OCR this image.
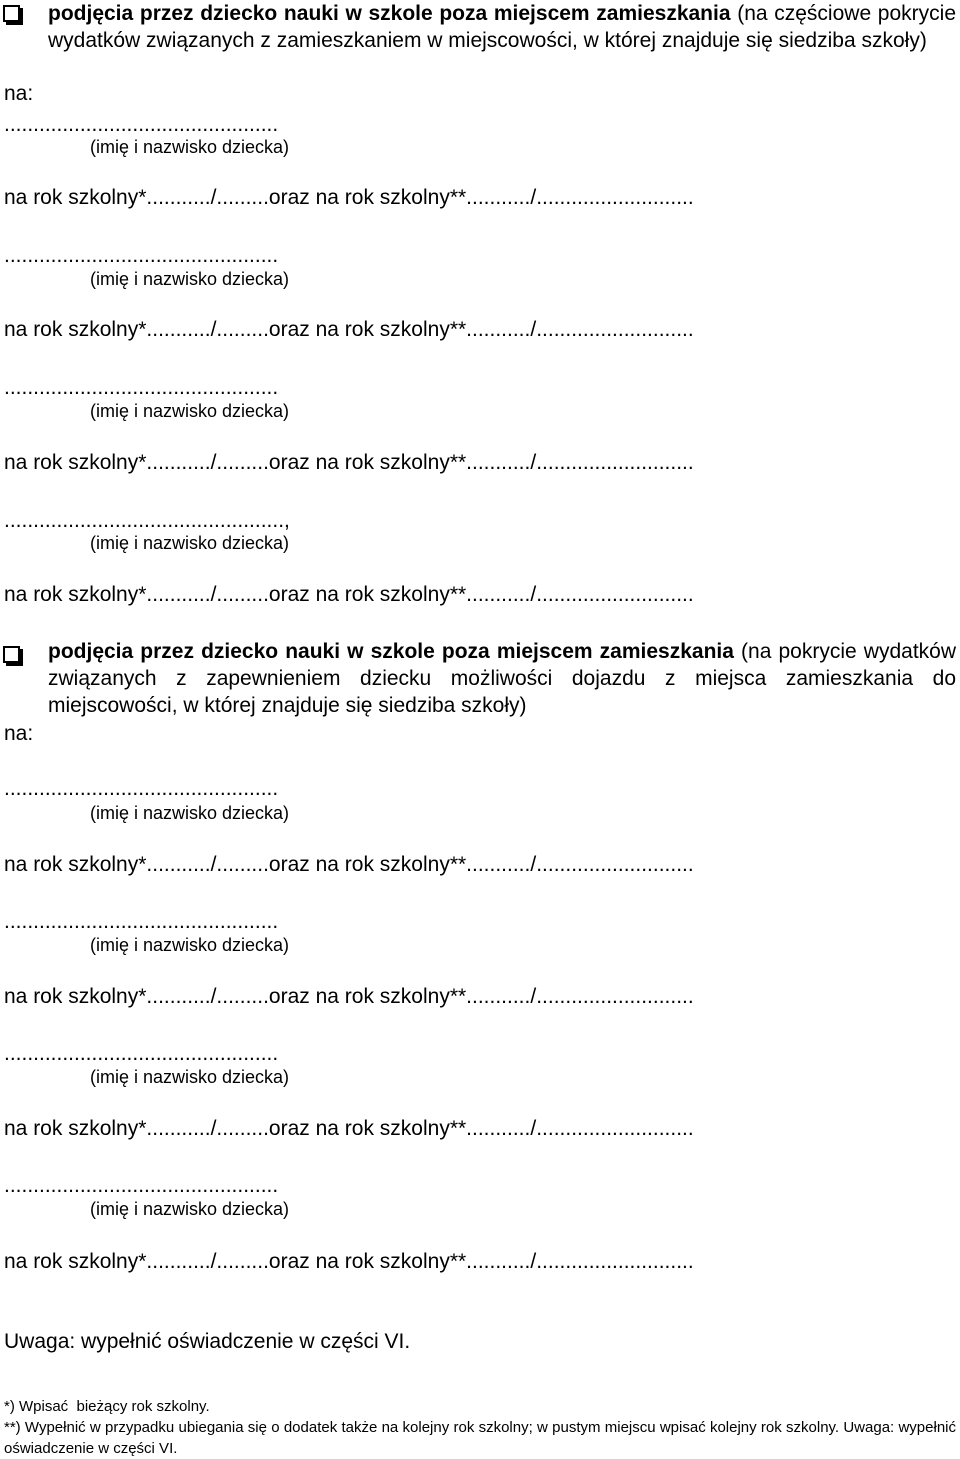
podjęcia przez dziecko nauki w szkole poza miejscem zamieszkania (na częściowe pokrycie wydatków związanych z zamieszkaniem w miejscowości, w której znajduje się siedziba szkoły)
na:
...............................................
(imię i nazwisko dziecka)
na rok szkolny*.........../.........oraz na rok szkolny**.........../...........................
...............................................
(imię i nazwisko dziecka)
na rok szkolny*.........../.........oraz na rok szkolny**.........../...........................
...............................................
(imię i nazwisko dziecka)
na rok szkolny*.........../.........oraz na rok szkolny**.........../...........................
................................................,
(imię i nazwisko dziecka)
na rok szkolny*.........../.........oraz na rok szkolny**.........../...........................
podjęcia przez dziecko nauki w szkole poza miejscem zamieszkania (na pokrycie wydatków związanych z zapewnieniem dziecku możliwości dojazdu z miejsca zamieszkania do miejscowości, w której znajduje się siedziba szkoły)
na:
...............................................
(imię i nazwisko dziecka)
na rok szkolny*.........../.........oraz na rok szkolny**.........../...........................
...............................................
(imię i nazwisko dziecka)
na rok szkolny*.........../.........oraz na rok szkolny**.........../...........................
...............................................
(imię i nazwisko dziecka)
na rok szkolny*.........../.........oraz na rok szkolny**.........../...........................
...............................................
(imię i nazwisko dziecka)
na rok szkolny*.........../.........oraz na rok szkolny**.........../...........................
Uwaga: wypełnić oświadczenie w części VI.
*) Wpisać  bieżący rok szkolny.
**) Wypełnić w przypadku ubiegania się o dodatek także na kolejny rok szkolny; w pustym miejscu wpisać kolejny rok szkolny. Uwaga: wypełnić oświadczenie w części VI.
